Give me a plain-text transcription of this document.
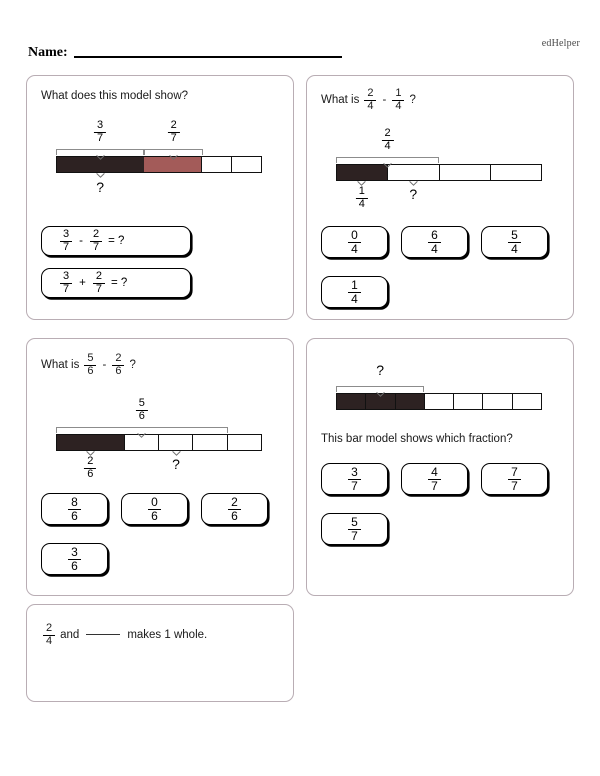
Name:
edHelper
What does this model show?
$\frac{3}{7}$	$\frac{2}{7}$
?
$\frac{3}{7} - \frac{2}{7}$ = ?
$\frac{3}{7} + \frac{2}{7}$ = ?
What is $\frac{2}{4} - \frac{1}{4}$ ?
$\frac{2}{4}$
$\frac{1}{4}$	?
$\frac{0}{4}$	$\frac{6}{4}$	$\frac{5}{4}$
$\frac{1}{4}$
What is $\frac{5}{6} - \frac{2}{6}$ ?
$\frac{5}{6}$
$\frac{2}{6}$	?
$\frac{8}{6}$	$\frac{0}{6}$	$\frac{2}{6}$
$\frac{3}{6}$
?
This bar model shows which fraction?
$\frac{3}{7}$	$\frac{4}{7}$	$\frac{7}{7}$
$\frac{5}{7}$
$\frac{2}{4}$ and	makes 1 whole.
